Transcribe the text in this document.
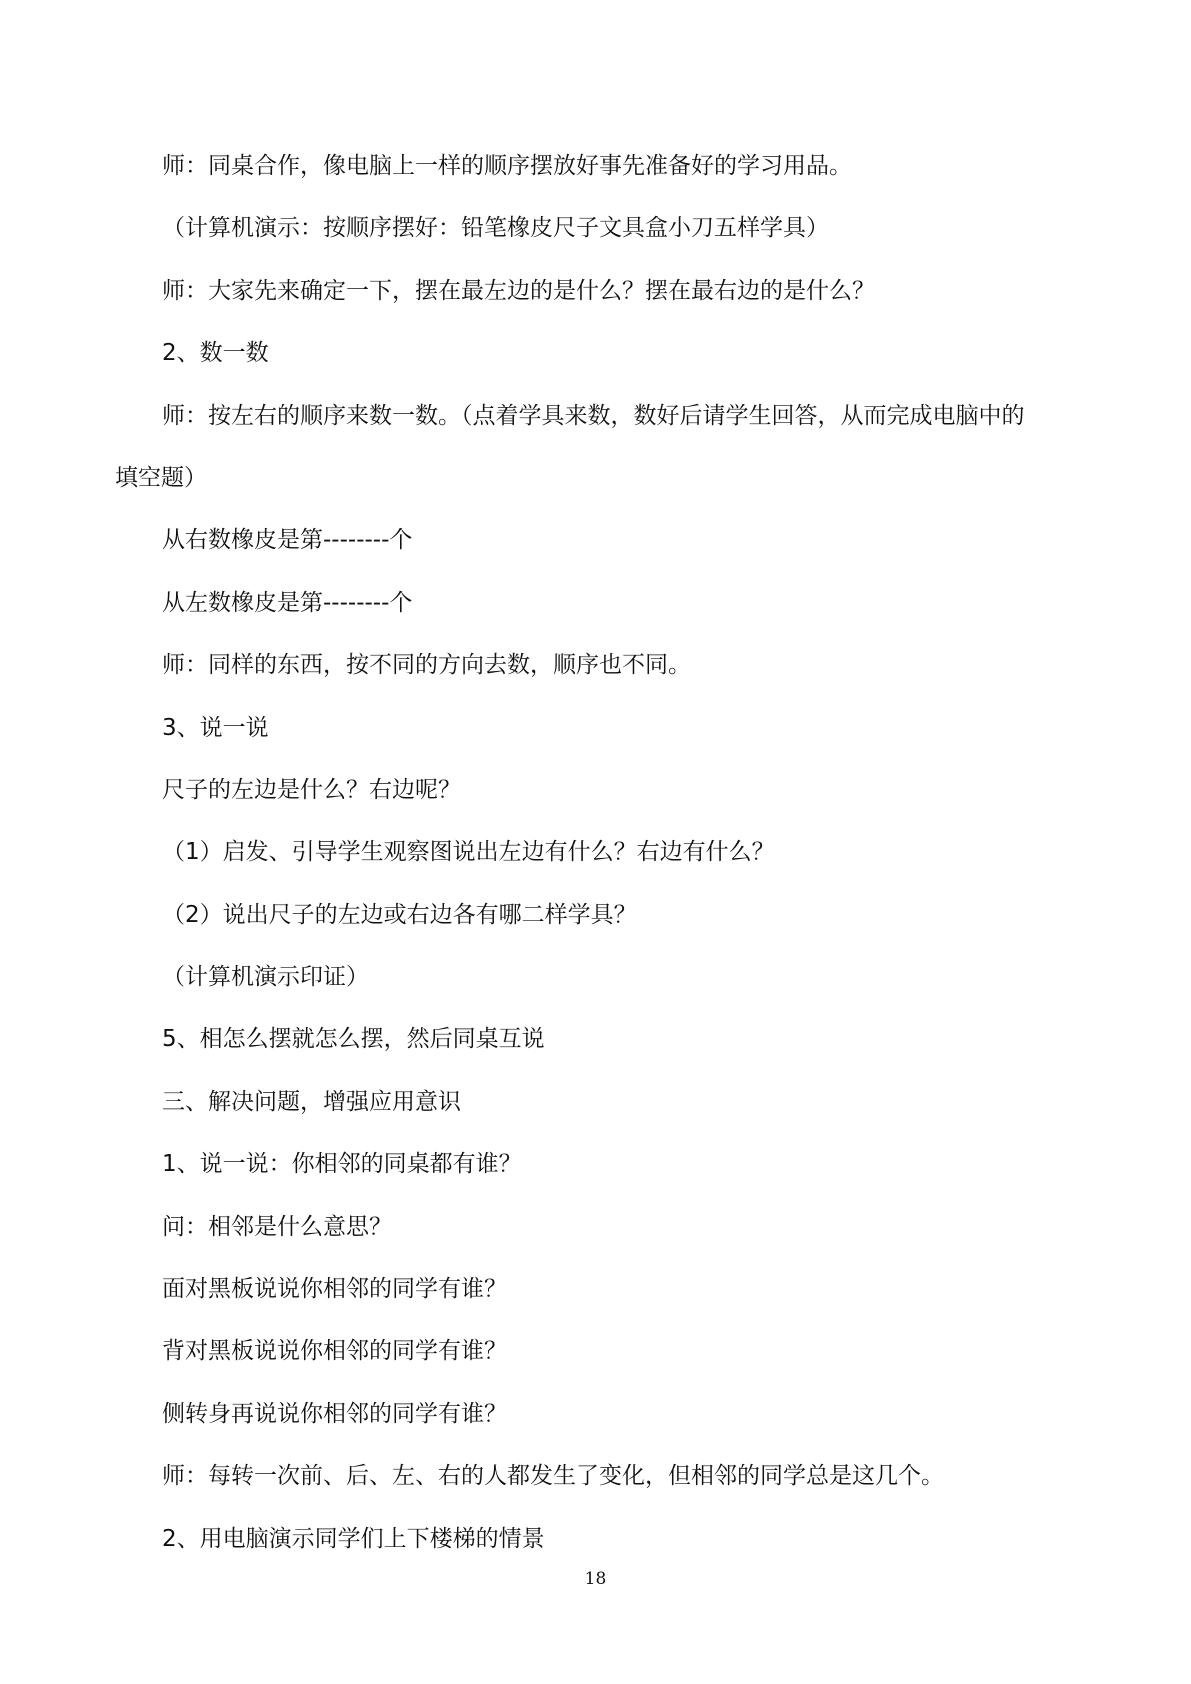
师：同桌合作，像电脑上一样的顺序摆放好事先准备好的学习用品。
（计算机演示：按顺序摆好：铅笔橡皮尺子文具盒小刀五样学具）
师：大家先来确定一下，摆在最左边的是什么？摆在最右边的是什么？
2、数一数
师：按左右的顺序来数一数。（点着学具来数，数好后请学生回答，从而完成电脑中的
填空题）
从右数橡皮是第--------个
从左数橡皮是第--------个
师：同样的东西，按不同的方向去数，顺序也不同。
3、说一说
尺子的左边是什么？右边呢？
（1）启发、引导学生观察图说出左边有什么？右边有什么？
（2）说出尺子的左边或右边各有哪二样学具？
（计算机演示印证）
5、相怎么摆就怎么摆，然后同桌互说
三、解决问题，增强应用意识
1、说一说：你相邻的同桌都有谁？
问：相邻是什么意思？
面对黑板说说你相邻的同学有谁？
背对黑板说说你相邻的同学有谁？
侧转身再说说你相邻的同学有谁？
师：每转一次前、后、左、右的人都发生了变化，但相邻的同学总是这几个。
2、用电脑演示同学们上下楼梯的情景
18
